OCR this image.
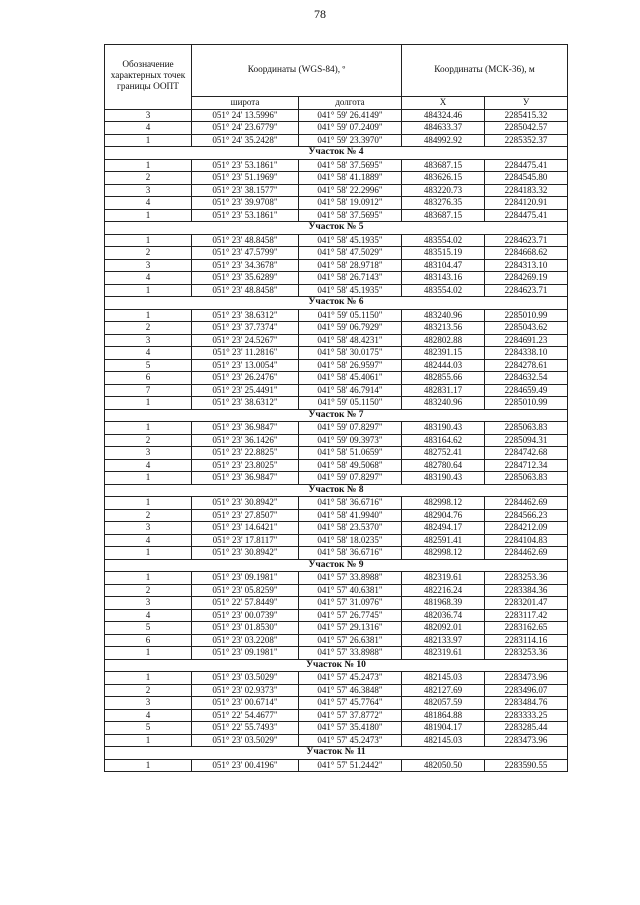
78
Обозначение характерных точек границы ООПТ	Координаты (WGS-84), º		Координаты (МСК-36), м	
	широта	долгота	X	У
3	051° 24' 13.5996"	041° 59' 26.4149"	484324.46	2285415.32
4	051° 24' 23.6779"	041° 59' 07.2409"	484633.37	2285042.57
1	051° 24' 35.2428"	041° 59' 23.3970"	484992.92	2285352.37
Участок № 4				
1	051° 23' 53.1861"	041° 58' 37.5695"	483687.15	2284475.41
2	051° 23' 51.1969"	041° 58' 41.1889"	483626.15	2284545.80
3	051° 23' 38.1577"	041° 58' 22.2996"	483220.73	2284183.32
4	051° 23' 39.9708"	041° 58' 19.0912"	483276.35	2284120.91
1	051° 23' 53.1861"	041° 58' 37.5695"	483687.15	2284475.41
Участок № 5				
1	051° 23' 48.8458"	041° 58' 45.1935"	483554.02	2284623.71
2	051° 23' 47.5799"	041° 58' 47.5029"	483515.19	2284668.62
3	051° 23' 34.3678"	041° 58' 28.9718"	483104.47	2284313.10
4	051° 23' 35.6289"	041° 58' 26.7143"	483143.16	2284269.19
1	051° 23' 48.8458"	041° 58' 45.1935"	483554.02	2284623.71
Участок № 6				
1	051° 23' 38.6312"	041° 59' 05.1150"	483240.96	2285010.99
2	051° 23' 37.7374"	041° 59' 06.7929"	483213.56	2285043.62
3	051° 23' 24.5267"	041° 58' 48.4231"	482802.88	2284691.23
4	051° 23' 11.2816"	041° 58' 30.0175"	482391.15	2284338.10
5	051° 23' 13.0054"	041° 58' 26.9597"	482444.03	2284278.61
6	051° 23' 26.2476"	041° 58' 45.4061"	482855.66	2284632.54
7	051° 23' 25.4491"	041° 58' 46.7914"	482831.17	2284659.49
1	051° 23' 38.6312"	041° 59' 05.1150"	483240.96	2285010.99
Участок № 7				
1	051° 23' 36.9847"	041° 59' 07.8297"	483190.43	2285063.83
2	051° 23' 36.1426"	041° 59' 09.3973"	483164.62	2285094.31
3	051° 23' 22.8825"	041° 58' 51.0659"	482752.41	2284742.68
4	051° 23' 23.8025"	041° 58' 49.5068"	482780.64	2284712.34
1	051° 23' 36.9847"	041° 59' 07.8297"	483190.43	2285063.83
Участок № 8				
1	051° 23' 30.8942"	041° 58' 36.6716"	482998.12	2284462.69
2	051° 23' 27.8507"	041° 58' 41.9940"	482904.76	2284566.23
3	051° 23' 14.6421"	041° 58' 23.5370"	482494.17	2284212.09
4	051° 23' 17.8117"	041° 58' 18.0235"	482591.41	2284104.83
1	051° 23' 30.8942"	041° 58' 36.6716"	482998.12	2284462.69
Участок № 9				
1	051° 23' 09.1981"	041° 57' 33.8988"	482319.61	2283253.36
2	051° 23' 05.8259"	041° 57' 40.6381"	482216.24	2283384.36
3	051° 22' 57.8449"	041° 57' 31.0976"	481968.39	2283201.47
4	051° 23' 00.0739"	041° 57' 26.7745"	482036.74	2283117.42
5	051° 23' 01.8530"	041° 57' 29.1316"	482092.01	2283162.65
6	051° 23' 03.2208"	041° 57' 26.6381"	482133.97	2283114.16
1	051° 23' 09.1981"	041° 57' 33.8988"	482319.61	2283253.36
Участок № 10				
1	051° 23' 03.5029"	041° 57' 45.2473"	482145.03	2283473.96
2	051° 23' 02.9373"	041° 57' 46.3848"	482127.69	2283496.07
3	051° 23' 00.6714"	041° 57' 45.7764"	482057.59	2283484.76
4	051° 22' 54.4677"	041° 57' 37.8772"	481864.88	2283333.25
5	051° 22' 55.7493"	041° 57' 35.4180"	481904.17	2283285.44
1	051° 23' 03.5029"	041° 57' 45.2473"	482145.03	2283473.96
Участок № 11				
1	051° 23' 00.4196"	041° 57' 51.2442"	482050.50	2283590.55
